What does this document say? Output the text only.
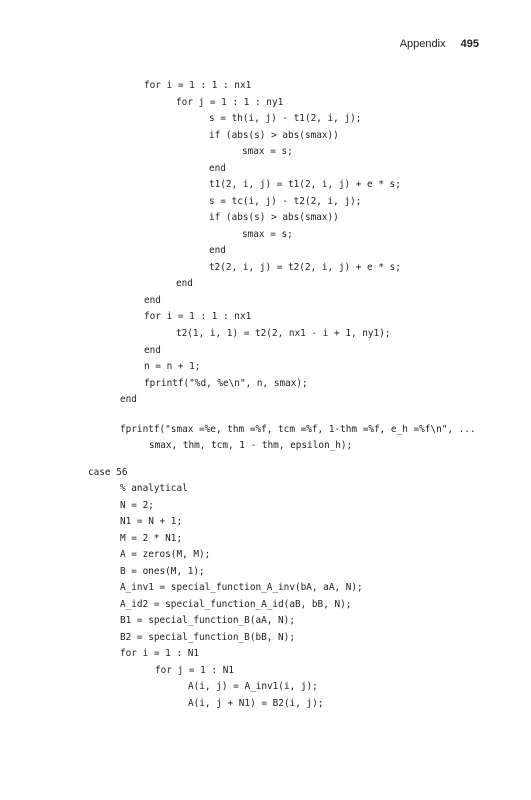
Appendix 495
for i = 1 : 1 : nx1
for j = 1 : 1 : ny1
s = th(i, j) - t1(2, i, j);
if (abs(s) > abs(smax))
smax = s;
end
t1(2, i, j) = t1(2, i, j) + e * s;
s = tc(i, j) - t2(2, i, j);
if (abs(s) > abs(smax))
smax = s;
end
t2(2, i, j) = t2(2, i, j) + e * s;
end
end
for i = 1 : 1 : nx1
t2(1, i, 1) = t2(2, nx1 - i + 1, ny1);
end
n = n + 1;
fprintf("%d, %e\n", n, smax);
end
fprintf("smax =%e, thm =%f, tcm =%f, 1-thm =%f, e_h =%f\n", ...
smax, thm, tcm, 1 - thm, epsilon_h);
case 56
% analytical
N = 2;
N1 = N + 1;
M = 2 * N1;
A = zeros(M, M);
B = ones(M, 1);
A_inv1 = special_function_A_inv(bA, aA, N);
A_id2 = special_function_A_id(aB, bB, N);
B1 = special_function_B(aA, N);
B2 = special_function_B(bB, N);
for i = 1 : N1
for j = 1 : N1
A(i, j) = A_inv1(i, j);
A(i, j + N1) = B2(i, j);
